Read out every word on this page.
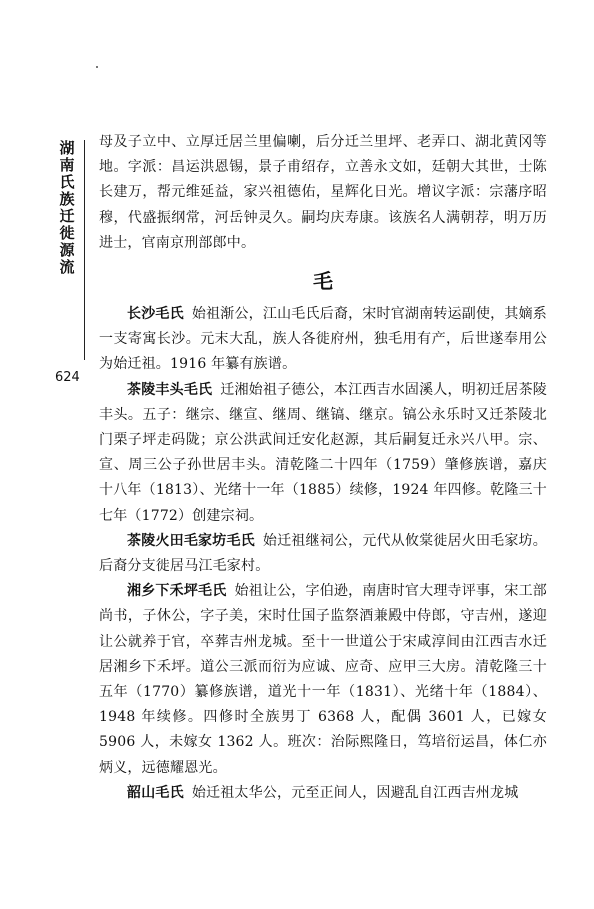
湖南氏族迁徙源流
624

母及子立中、立厚迁居兰里偏喇，后分迁兰里坪、老弄口、湖北黄冈等地。字派：昌运洪恩锡，景子甫绍存，立善永文如，廷朝大其世，士陈长建万，帮元维延益，家兴祖德佑，星辉化日光。增议字派：宗藩序昭穆，代盛振纲常，河岳钟灵久。嗣均庆寿康。该族名人满朝荐，明万历进士，官南京刑部郎中。

毛

长沙毛氏 始祖渐公，江山毛氏后裔，宋时官湖南转运副使，其嫡系一支寄寓长沙。元末大乱，族人各徙府州，独毛用有产，后世遂奉用公为始迁祖。1916 年纂有族谱。

茶陵丰头毛氏 迁湘始祖子德公，本江西吉水固溪人，明初迁居茶陵丰头。五子：继宗、继宣、继周、继镐、继京。镐公永乐时又迁茶陵北门栗子坪走码陇；京公洪武间迁安化赵源，其后嗣复迁永兴八甲。宗、宣、周三公子孙世居丰头。清乾隆二十四年（1759）肇修族谱，嘉庆十八年（1813）、光绪十一年（1885）续修，1924 年四修。乾隆三十七年（1772）创建宗祠。

茶陵火田毛家坊毛氏 始迁祖继祠公，元代从攸棠徙居火田毛家坊。后裔分支徙居马江毛家村。

湘乡下禾坪毛氏 始祖让公，字伯逊，南唐时官大理寺评事，宋工部尚书，子休公，字子美，宋时仕国子监祭酒兼殿中侍郎，守吉州，遂迎让公就养于官，卒葬吉州龙城。至十一世道公于宋咸淳间由江西吉水迁居湘乡下禾坪。道公三派而衍为应诚、应奇、应甲三大房。清乾隆三十五年（1770）纂修族谱，道光十一年（1831）、光绪十年（1884）、1948 年续修。四修时全族男丁 6368 人，配偶 3601 人，已嫁女 5906 人，未嫁女 1362 人。班次：治际熙隆日，笃培衍运昌，体仁亦炳义，远德耀恩光。

韶山毛氏 始迁祖太华公，元至正间人，因避乱自江西吉州龙城
